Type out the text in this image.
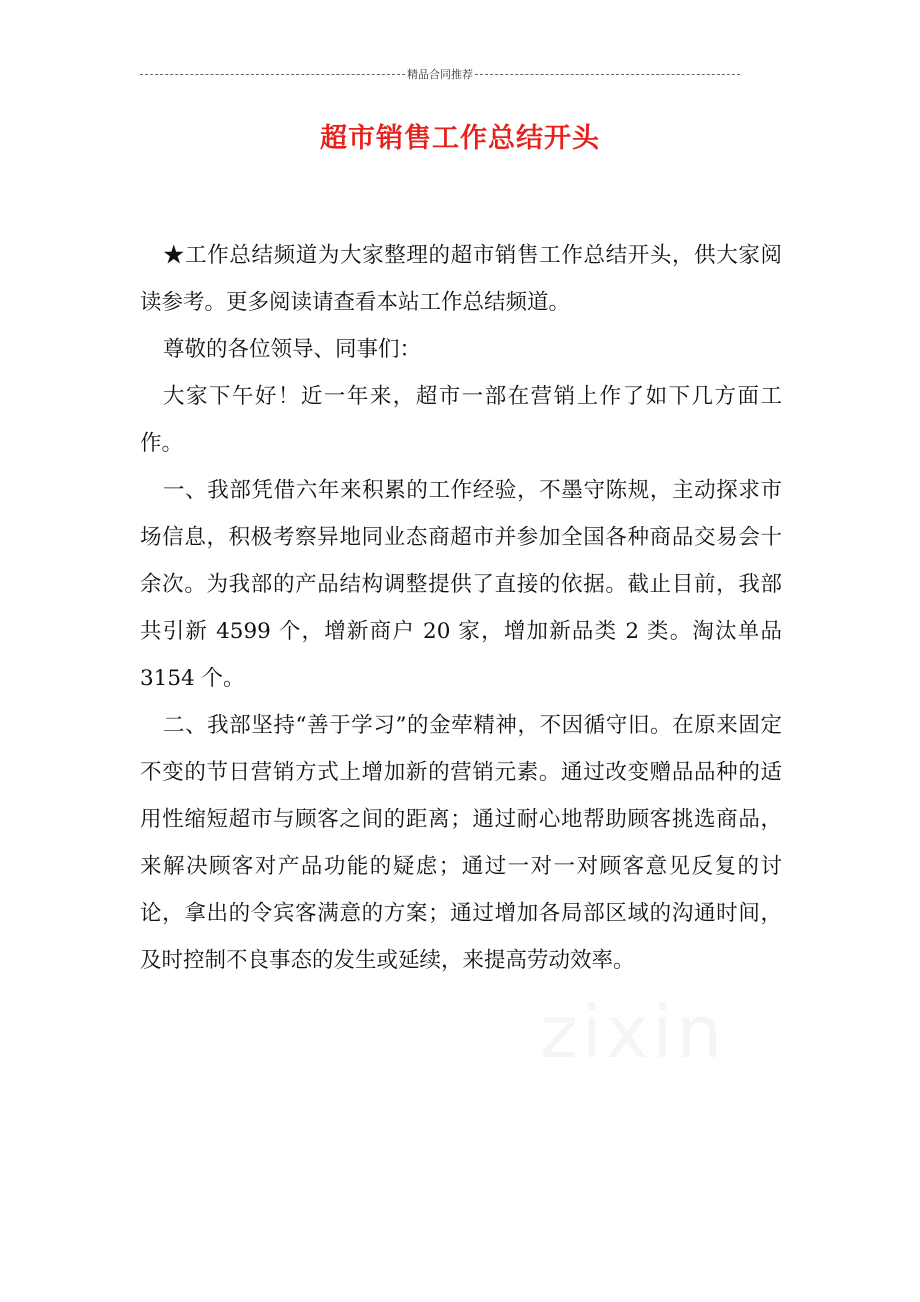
精品合同推荐
超市销售工作总结开头

★工作总结频道为大家整理的超市销售工作总结开头，供大家阅读参考。更多阅读请查看本站工作总结频道。

尊敬的各位领导、同事们：

大家下午好！近一年来，超市一部在营销上作了如下几方面工作。

一、我部凭借六年来积累的工作经验，不墨守陈规，主动探求市场信息，积极考察异地同业态商超市并参加全国各种商品交易会十余次。为我部的产品结构调整提供了直接的依据。截止目前，我部共引新 4599 个，增新商户 20 家，增加新品类 2 类。淘汰单品 3154 个。

二、我部坚持“善于学习”的金荦精神，不因循守旧。在原来固定不变的节日营销方式上增加新的营销元素。通过改变赠品品种的适用性缩短超市与顾客之间的距离；通过耐心地帮助顾客挑选商品，来解决顾客对产品功能的疑虑；通过一对一对顾客意见反复的讨论，拿出的令宾客满意的方案；通过增加各局部区域的沟通时间，及时控制不良事态的发生或延续，来提高劳动效率。

zixin
